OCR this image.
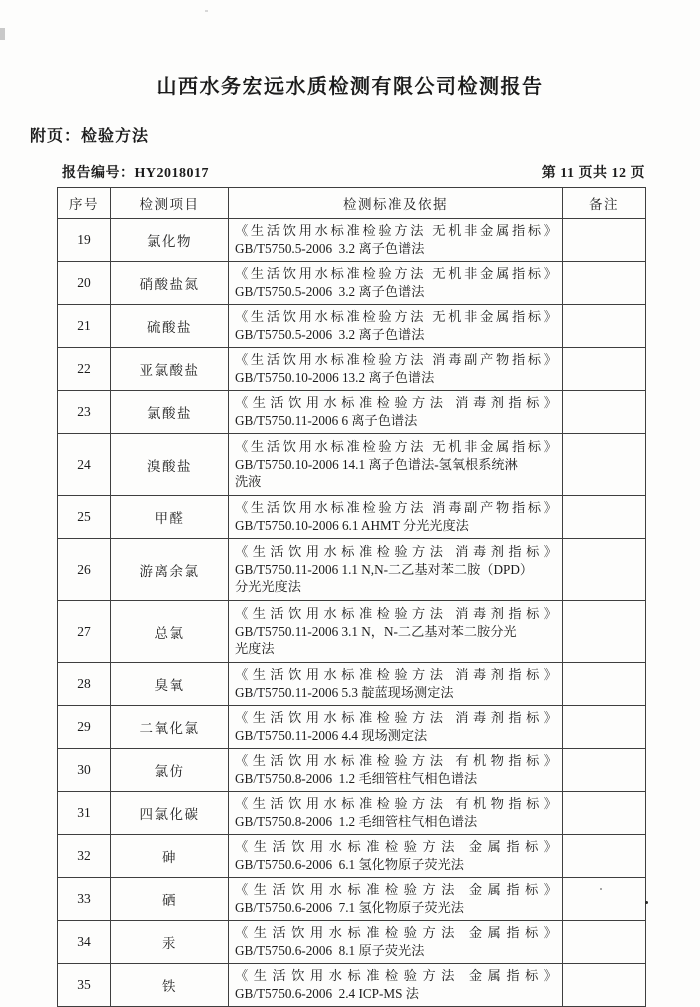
山西水务宏远水质检测有限公司检测报告
附页：检验方法
报告编号：HY2018017	第 11 页共 12 页
序号	检测项目	检测标准及依据	备注
19	氯化物	《生活饮用水标准检验方法 无机非金属指标》
GB/T5750.5-2006  3.2 离子色谱法	

20	硝酸盐氮	《生活饮用水标准检验方法 无机非金属指标》
GB/T5750.5-2006  3.2 离子色谱法	

21	硫酸盐	《生活饮用水标准检验方法 无机非金属指标》
GB/T5750.5-2006  3.2 离子色谱法	

22	亚氯酸盐	《生活饮用水标准检验方法 消毒副产物指标》
GB/T5750.10-2006 13.2 离子色谱法	

23	氯酸盐	《生活饮用水标准检验方法 消毒剂指标》
GB/T5750.11-2006 6 离子色谱法	

24	溴酸盐	《生活饮用水标准检验方法 无机非金属指标》
GB/T5750.10-2006 14.1 离子色谱法-氢氧根系统淋
洗液	

25	甲醛	《生活饮用水标准检验方法 消毒副产物指标》
GB/T5750.10-2006 6.1 AHMT 分光光度法	

26	游离余氯	《生活饮用水标准检验方法 消毒剂指标》
GB/T5750.11-2006 1.1 N,N-二乙基对苯二胺（DPD）
分光光度法	

27	总氯	《生活饮用水标准检验方法 消毒剂指标》
GB/T5750.11-2006 3.1 N，N-二乙基对苯二胺分光
光度法	

28	臭氧	《生活饮用水标准检验方法 消毒剂指标》
GB/T5750.11-2006 5.3 靛蓝现场测定法	

29	二氧化氯	《生活饮用水标准检验方法 消毒剂指标》
GB/T5750.11-2006 4.4 现场测定法	

30	氯仿	《生活饮用水标准检验方法 有机物指标》
GB/T5750.8-2006  1.2 毛细管柱气相色谱法	

31	四氯化碳	《生活饮用水标准检验方法 有机物指标》
GB/T5750.8-2006  1.2 毛细管柱气相色谱法	

32	砷	《生活饮用水标准检验方法 金属指标》
GB/T5750.6-2006  6.1 氢化物原子荧光法	

33	硒	《生活饮用水标准检验方法 金属指标》
GB/T5750.6-2006  7.1 氢化物原子荧光法	

34	汞	《生活饮用水标准检验方法 金属指标》
GB/T5750.6-2006  8.1 原子荧光法	

35	铁	《生活饮用水标准检验方法 金属指标》
GB/T5750.6-2006  2.4 ICP-MS 法	
